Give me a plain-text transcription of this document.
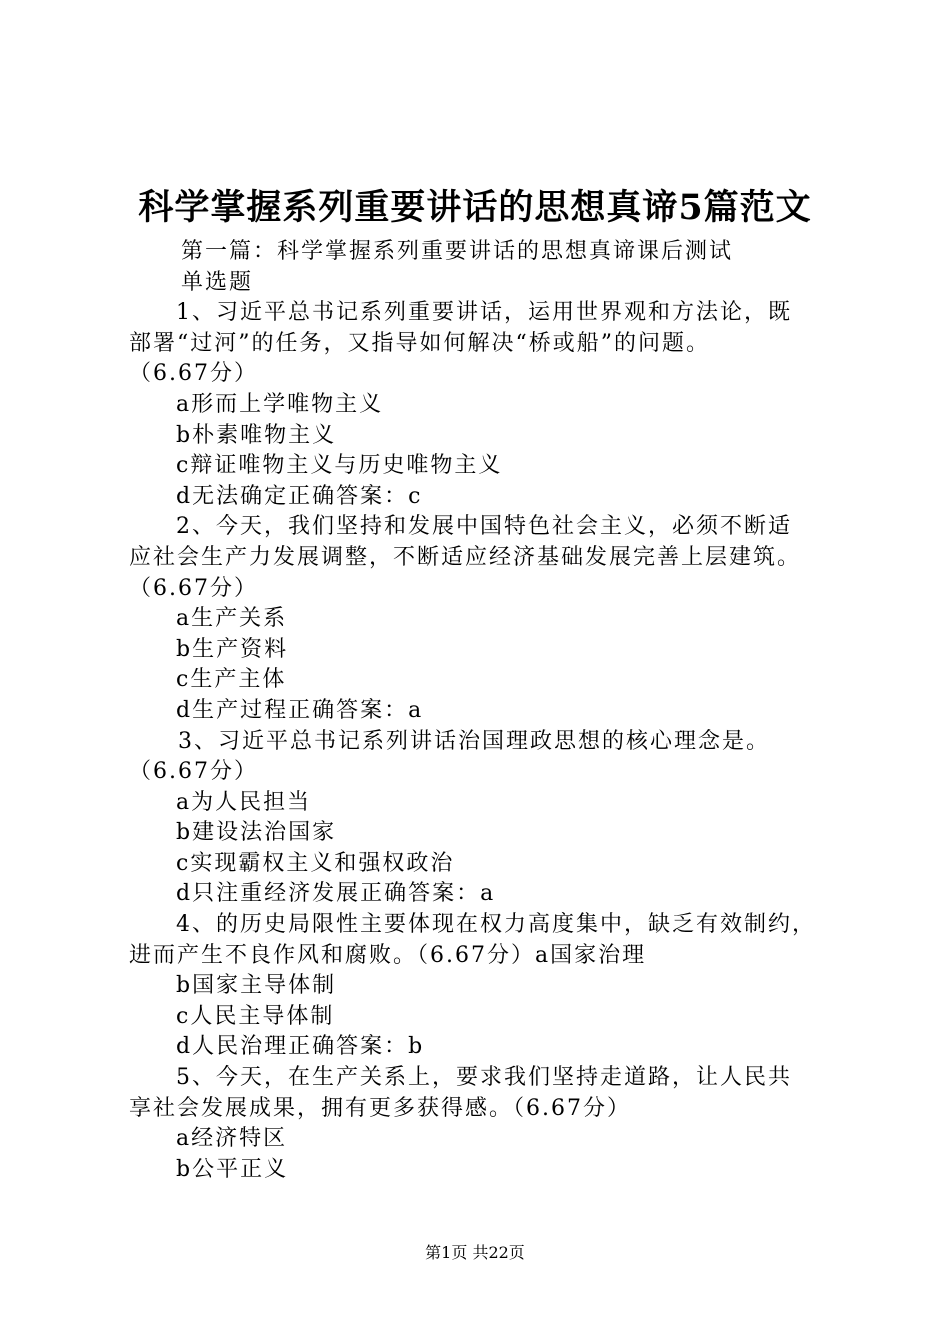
科学掌握系列重要讲话的思想真谛5篇范文
第一篇：科学掌握系列重要讲话的思想真谛课后测试
单选题
1、习近平总书记系列重要讲话，运用世界观和方法论，既
部署“过河”的任务，又指导如何解决“桥或船”的问题。
（6.67分）
a形而上学唯物主义
b朴素唯物主义
c辩证唯物主义与历史唯物主义
d无法确定正确答案：c
2、今天，我们坚持和发展中国特色社会主义，必须不断适
应社会生产力发展调整，不断适应经济基础发展完善上层建筑。
（6.67分）
a生产关系
b生产资料
c生产主体
d生产过程正确答案：a
3、习近平总书记系列讲话治国理政思想的核心理念是。
（6.67分）
a为人民担当
b建设法治国家
c实现霸权主义和强权政治
d只注重经济发展正确答案：a
4、的历史局限性主要体现在权力高度集中，缺乏有效制约，
进而产生不良作风和腐败。（6.67分）a国家治理
b国家主导体制
c人民主导体制
d人民治理正确答案：b
5、今天，在生产关系上，要求我们坚持走道路，让人民共
享社会发展成果，拥有更多获得感。（6.67分）
a经济特区
b公平正义
第1页 共22页
